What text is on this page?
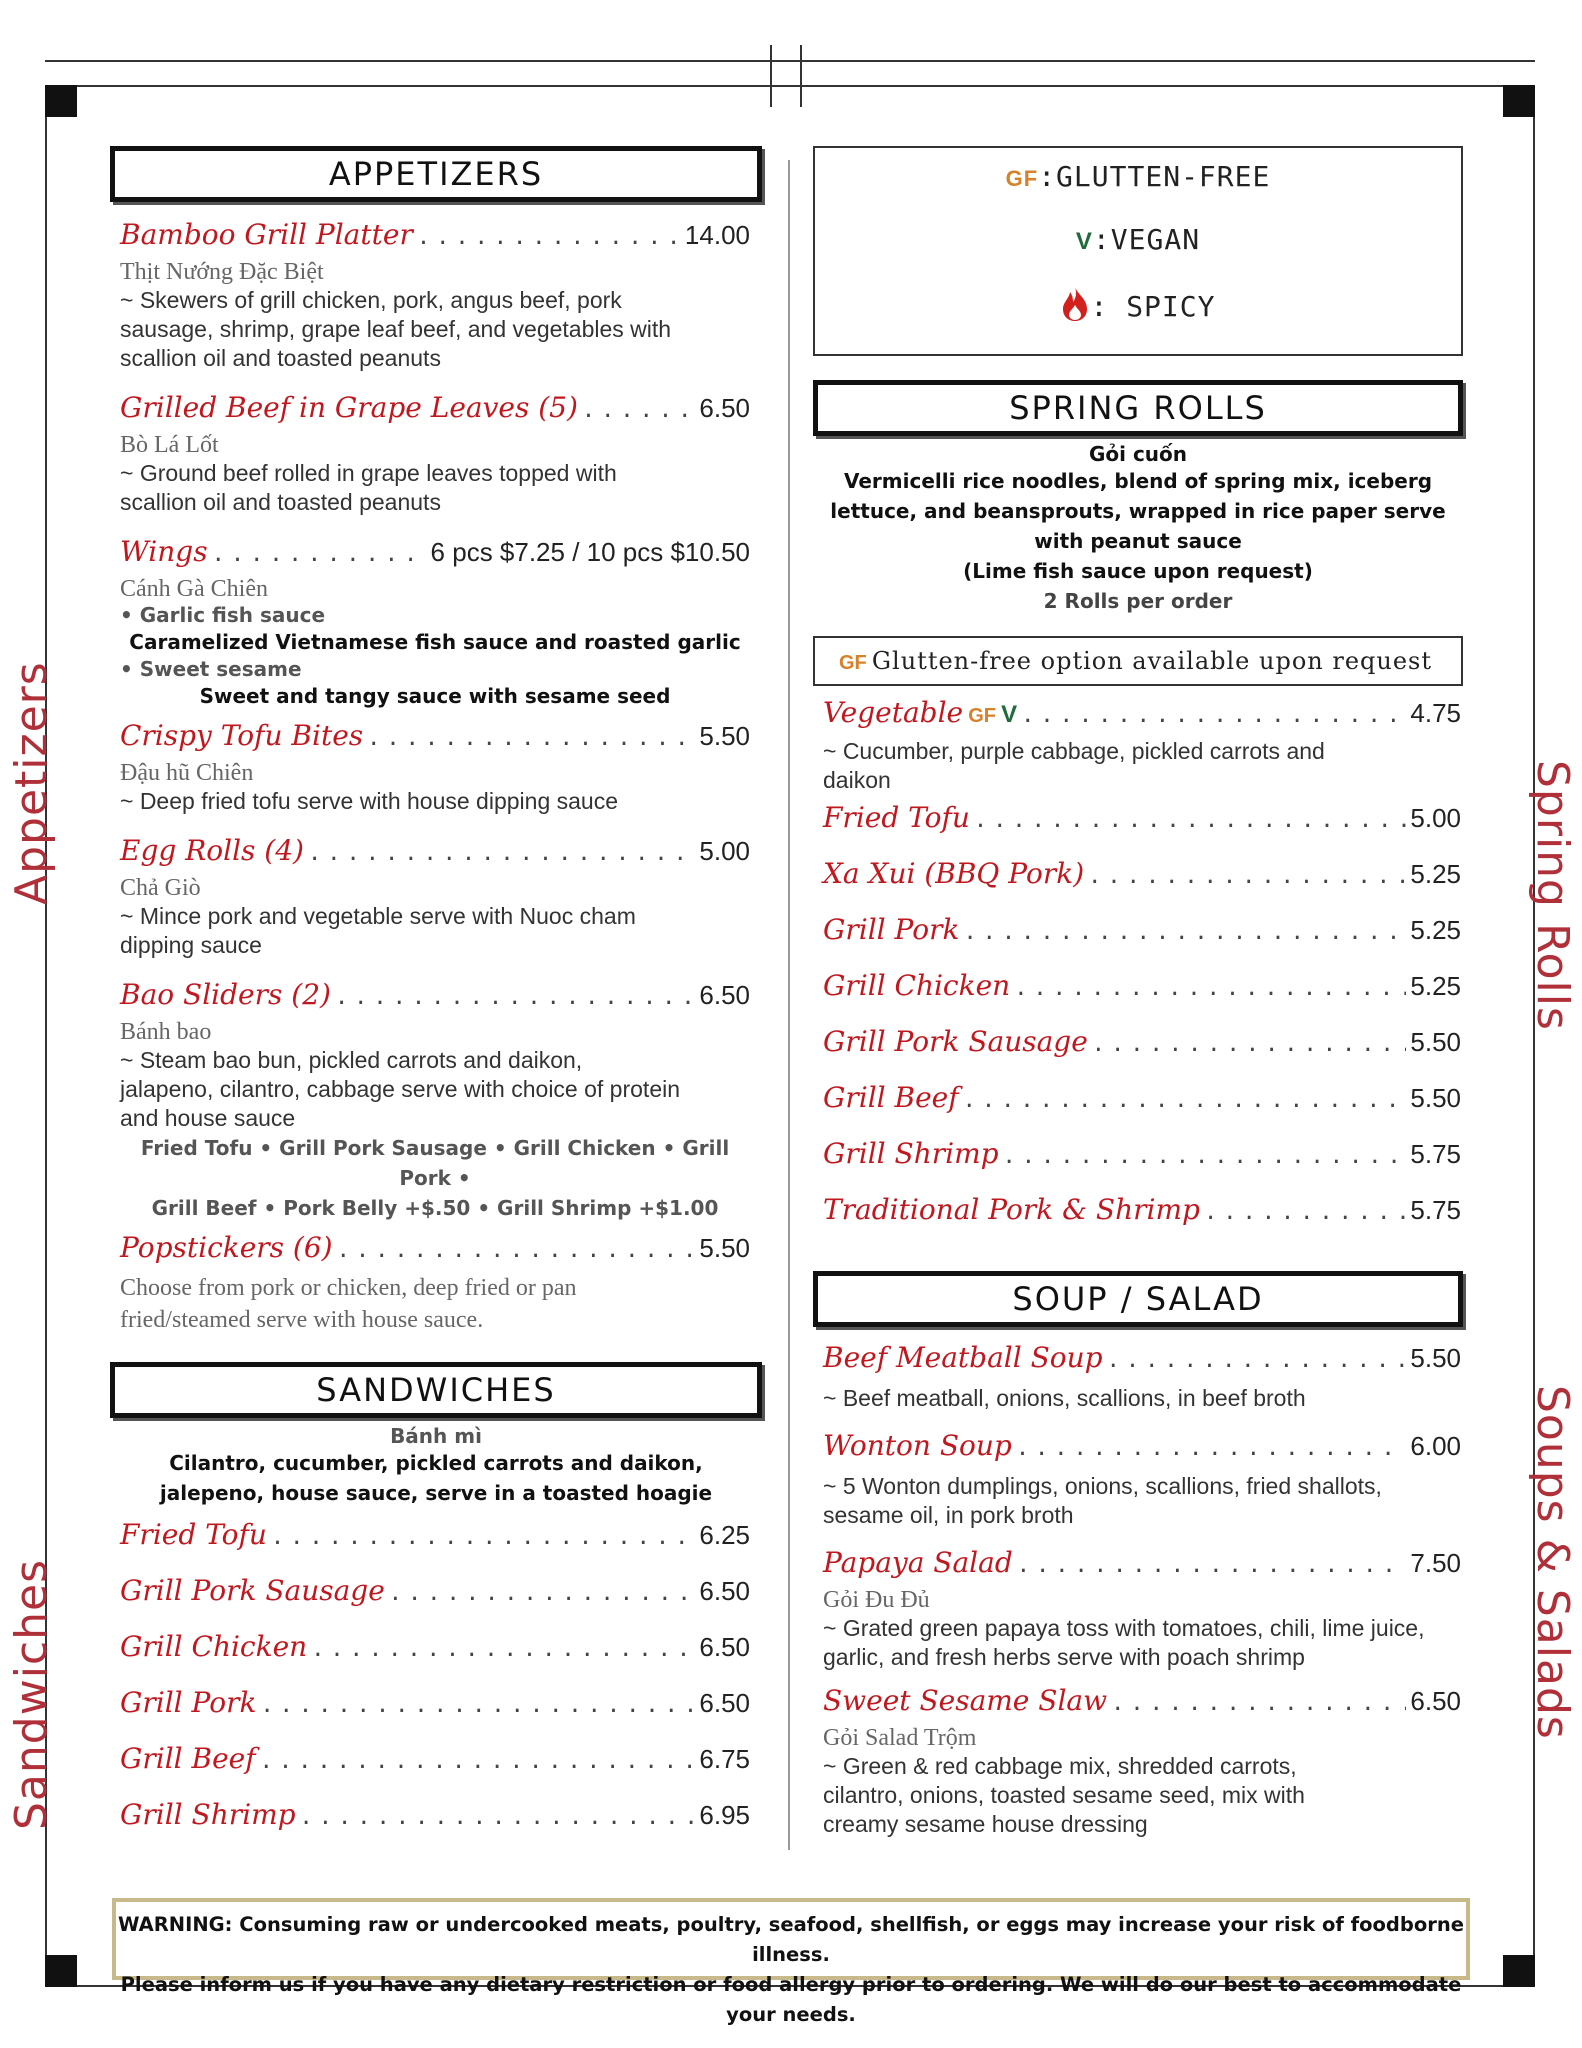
Appetizers
Sandwiches
Spring Rolls
Soups & Salads
APPETIZERS
Bamboo Grill Platter .....	14.00
Thịt Nướng Đặc Biệt
~ Skewers of grill chicken, pork, angus beef, pork sausage, shrimp, grape leaf beef, and vegetables with scallion oil and toasted peanuts
Grilled Beef in Grape Leaves (5) .....	6.50
Bò Lá Lốt
~ Ground beef rolled in grape leaves topped with scallion oil and toasted peanuts
Wings .....	6 pcs $7.25 / 10 pcs $10.50
Cánh Gà Chiên
• Garlic fish sauce
Caramelized Vietnamese fish sauce and roasted garlic
• Sweet sesame
Sweet and tangy sauce with sesame seed
Crispy Tofu Bites .....	5.50
Đậu hũ Chiên
~ Deep fried tofu serve with house dipping sauce
Egg Rolls (4) .....	5.00
Chả Giò
~ Mince pork and vegetable serve with Nuoc cham dipping sauce
Bao Sliders (2) .....	6.50
Bánh bao
~ Steam bao bun, pickled carrots and daikon, jalapeno, cilantro, cabbage serve with choice of protein and house sauce
Fried Tofu • Grill Pork Sausage • Grill Chicken • Grill Pork •
Grill Beef • Pork Belly +$.50 • Grill Shrimp +$1.00
Popstickers (6) .....	5.50
Choose from pork or chicken, deep fried or pan fried/steamed serve with house sauce.
SANDWICHES
Bánh mì
Cilantro, cucumber, pickled carrots and daikon, jalepeno, house sauce, serve in a toasted hoagie
Fried Tofu .....	6.25
Grill Pork Sausage .....	6.50
Grill Chicken .....	6.50
Grill Pork .....	6.50
Grill Beef .....	6.75
Grill Shrimp .....	6.95
GF:GLUTTEN-FREE
V:VEGAN
: SPICY
SPRING ROLLS
Gỏi cuốn
Vermicelli rice noodles, blend of spring mix, iceberg lettuce, and beansprouts, wrapped in rice paper serve with peanut sauce
(Lime fish sauce upon request)
2 Rolls per order
GF Glutten-free option available upon request
Vegetable
GF
V .....	4.75
~ Cucumber, purple cabbage, pickled carrots and daikon
Fried Tofu .....	5.00
Xa Xui (BBQ Pork) .....	5.25
Grill Pork .....	5.25
Grill Chicken .....	5.25
Grill Pork Sausage .....	5.50
Grill Beef .....	5.50
Grill Shrimp .....	5.75
Traditional Pork & Shrimp .....	5.75
SOUP / SALAD
Beef Meatball Soup .....	5.50
~ Beef meatball, onions, scallions, in beef broth
Wonton Soup .....	6.00
~ 5 Wonton dumplings, onions, scallions, fried shallots, sesame oil, in pork broth
Papaya Salad .....	7.50
Gỏi Đu Đủ
~ Grated green papaya toss with tomatoes, chili, lime juice, garlic, and fresh herbs serve with poach shrimp
Sweet Sesame Slaw .....	6.50
Gỏi Salad Trộm
~ Green & red cabbage mix, shredded carrots, cilantro, onions, toasted sesame seed, mix with creamy sesame house dressing
WARNING: Consuming raw or undercooked meats, poultry, seafood, shellfish, or eggs may increase your risk of foodborne illness.
Please inform us if you have any dietary restriction or food allergy prior to ordering. We will do our best to accommodate your needs.
